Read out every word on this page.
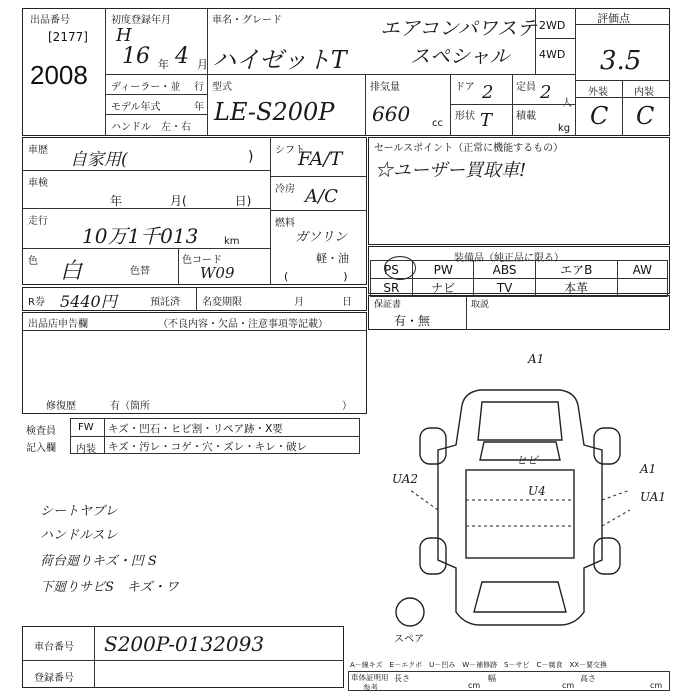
出品番号
[2177]
2008
初度登録年月
H
16 年 4 月
ディーラー・並 行
モデル年式	年
ハンドル　左・右
車名・グレード
ハイゼットT
エアコンパワステ
スペシャル
2WD
4WD
評価点
3.5
外装	内装
C C
型式
LE-S200P
排気量
660 cc
ドア 2 定員 2
人
形状 T 積載
kg
車歴 自家用(	)
車検
年　　　　月(　　　　日)
走行
10万1千013	km
色 白	色替
色コード
W09
シフト
FA/T
冷房 A/C
燃料
ガソリン
軽・油
(　　　　　)
R券 5440円	預託済 名変期限	月	日
セールスポイント（正常に機能するもの）
☆ユーザー買取車!
装備品（純正品に限る）
PS	PW	ABS	エアB	AW
SR	ナビ	TV	本革	
保証書
有・無
取説
出品店申告欄	（不良内容・欠品・注意事項等記載）
修復歴	有（箇所	）
検査員
記入欄
FW キズ・凹石・ヒビ割・リペア跡・X要
内装 キズ・汚レ・コゲ・穴・ズレ・キレ・破レ
シートヤブレ
ハンドルスレ
荷台廻りキズ・凹 S
下廻りサビS　キズ・ワ
A1
ヒビ
U4
UA2
A1
UA1
スペア
車台番号 S200P-0132093
登録番号
A－線キズ　E－エクボ　U－凹み　W－補修跡　S－サビ　C－腐食　XX－要交換
車体証明用
参考
長さ
cm
幅
cm
高さ
cm
